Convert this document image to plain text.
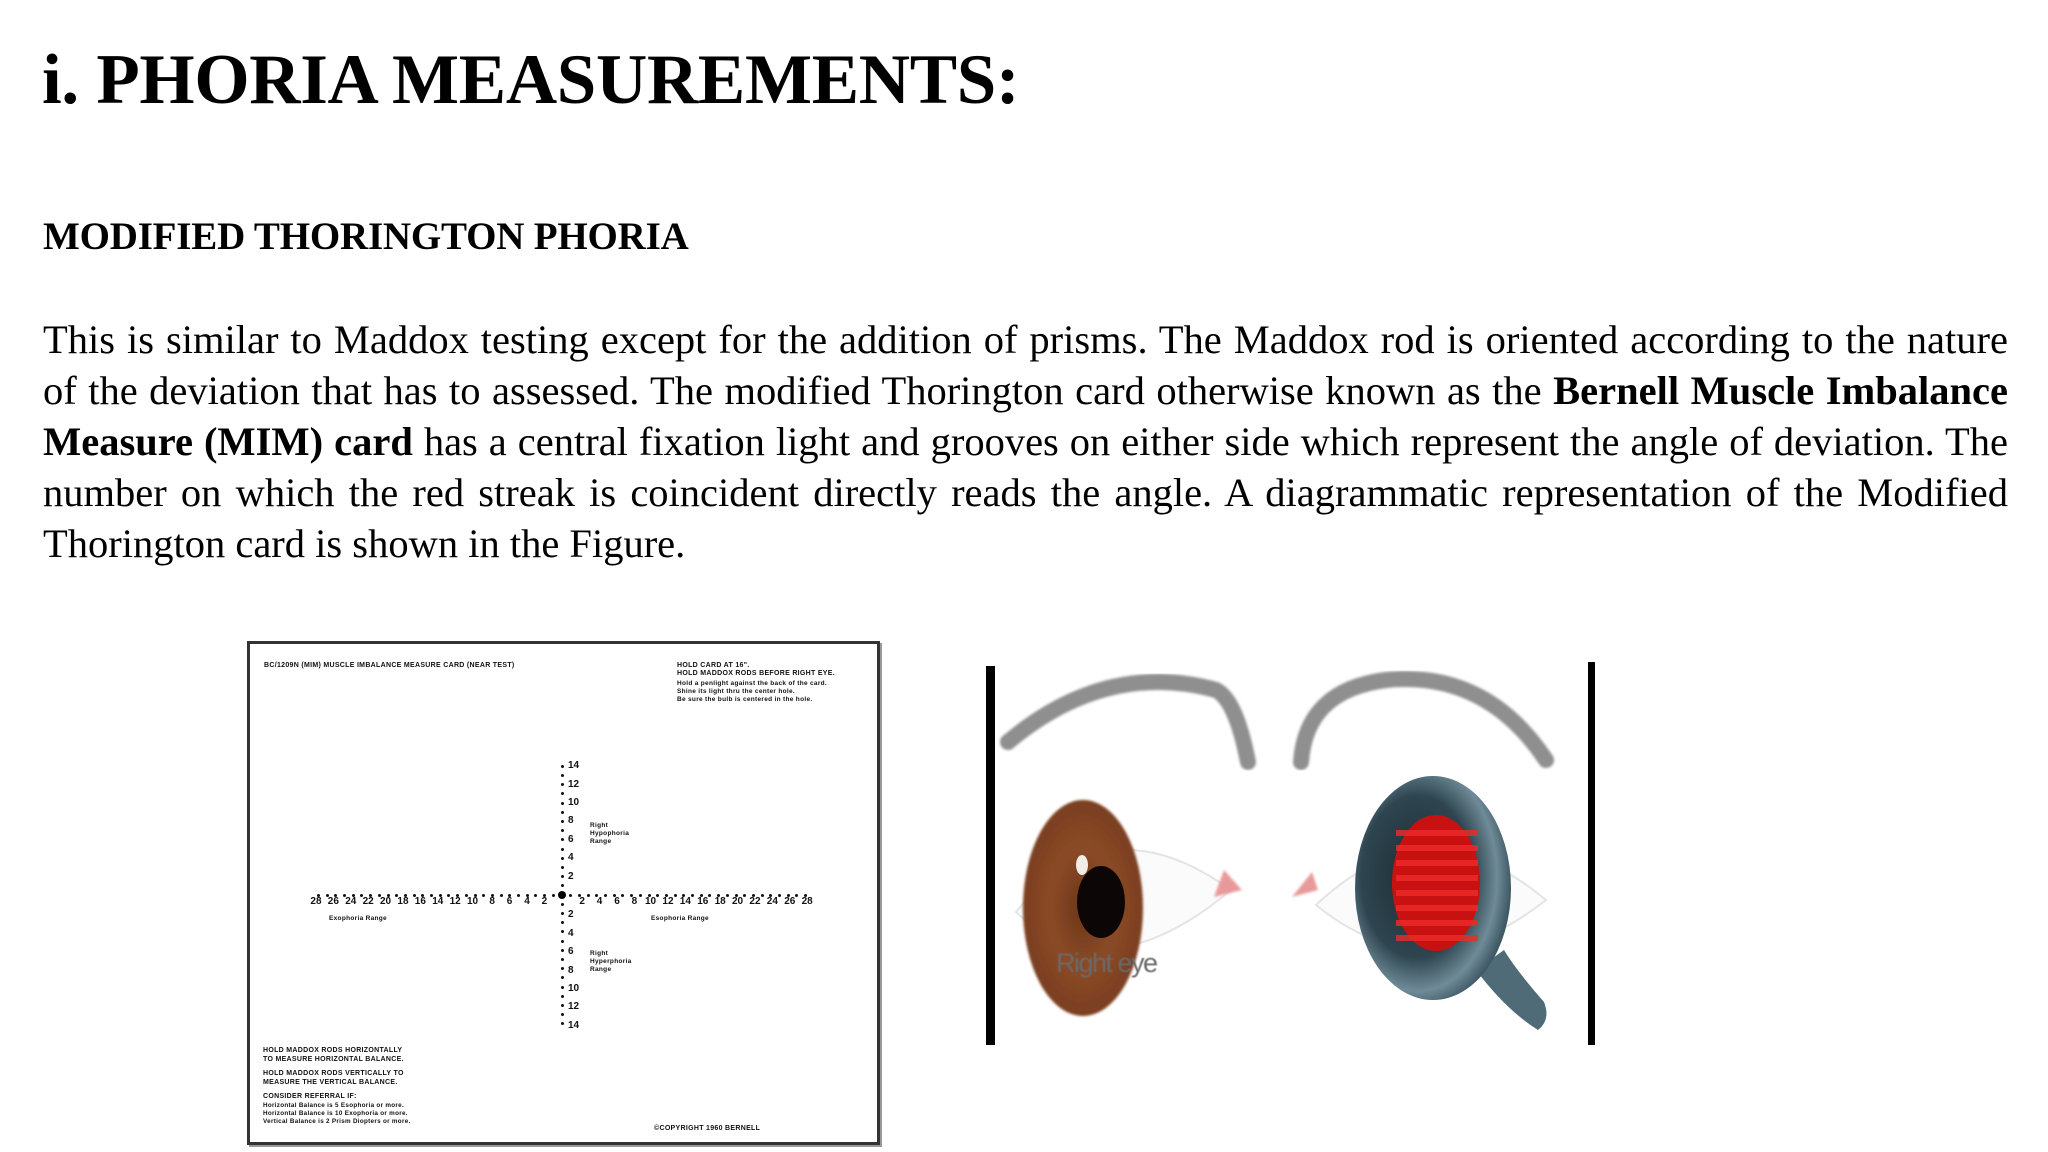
i. PHORIA MEASUREMENTS:
MODIFIED THORINGTON PHORIA

This is similar to Maddox testing except for the addition of prisms. The Maddox rod is oriented according to the nature of the deviation that has to assessed. The modified Thorington card otherwise known as the Bernell Muscle Imbalance Measure (MIM) card has a central fixation light and grooves on either side which represent the angle of deviation. The number on which the red streak is coincident directly reads the angle. A diagrammatic representation of the Modified Thorington card is shown in the Figure.

BC/1209N (MIM) MUSCLE IMBALANCE MEASURE CARD (NEAR TEST)	HOLD CARD AT 16".
HOLD MADDOX RODS BEFORE RIGHT EYE.
Hold a penlight against the back of the card.
Shine its light thru the center hole.
Be sure the bulb is centered in the hole.
28 26 24 22 20 18 16 14 12 10 8 6 4 2	2 4 6 8 10 12 14 16 18 20 22 24 26 28
14
12
10
8
6
4
2
2
4
6
8
10
12
14
Exophoria Range	Esophoria Range
Right
Hypophoria
Range
Right
Hyperphoria
Range
HOLD MADDOX RODS HORIZONTALLY
TO MEASURE HORIZONTAL BALANCE.
HOLD MADDOX RODS VERTICALLY TO
MEASURE THE VERTICAL BALANCE.
CONSIDER REFERRAL IF:
Horizontal Balance is 5 Esophoria or more.
Horizontal Balance is 10 Exophoria or more.
Vertical Balance is 2 Prism Diopters or more.
©COPYRIGHT 1960 BERNELL
Right eye
